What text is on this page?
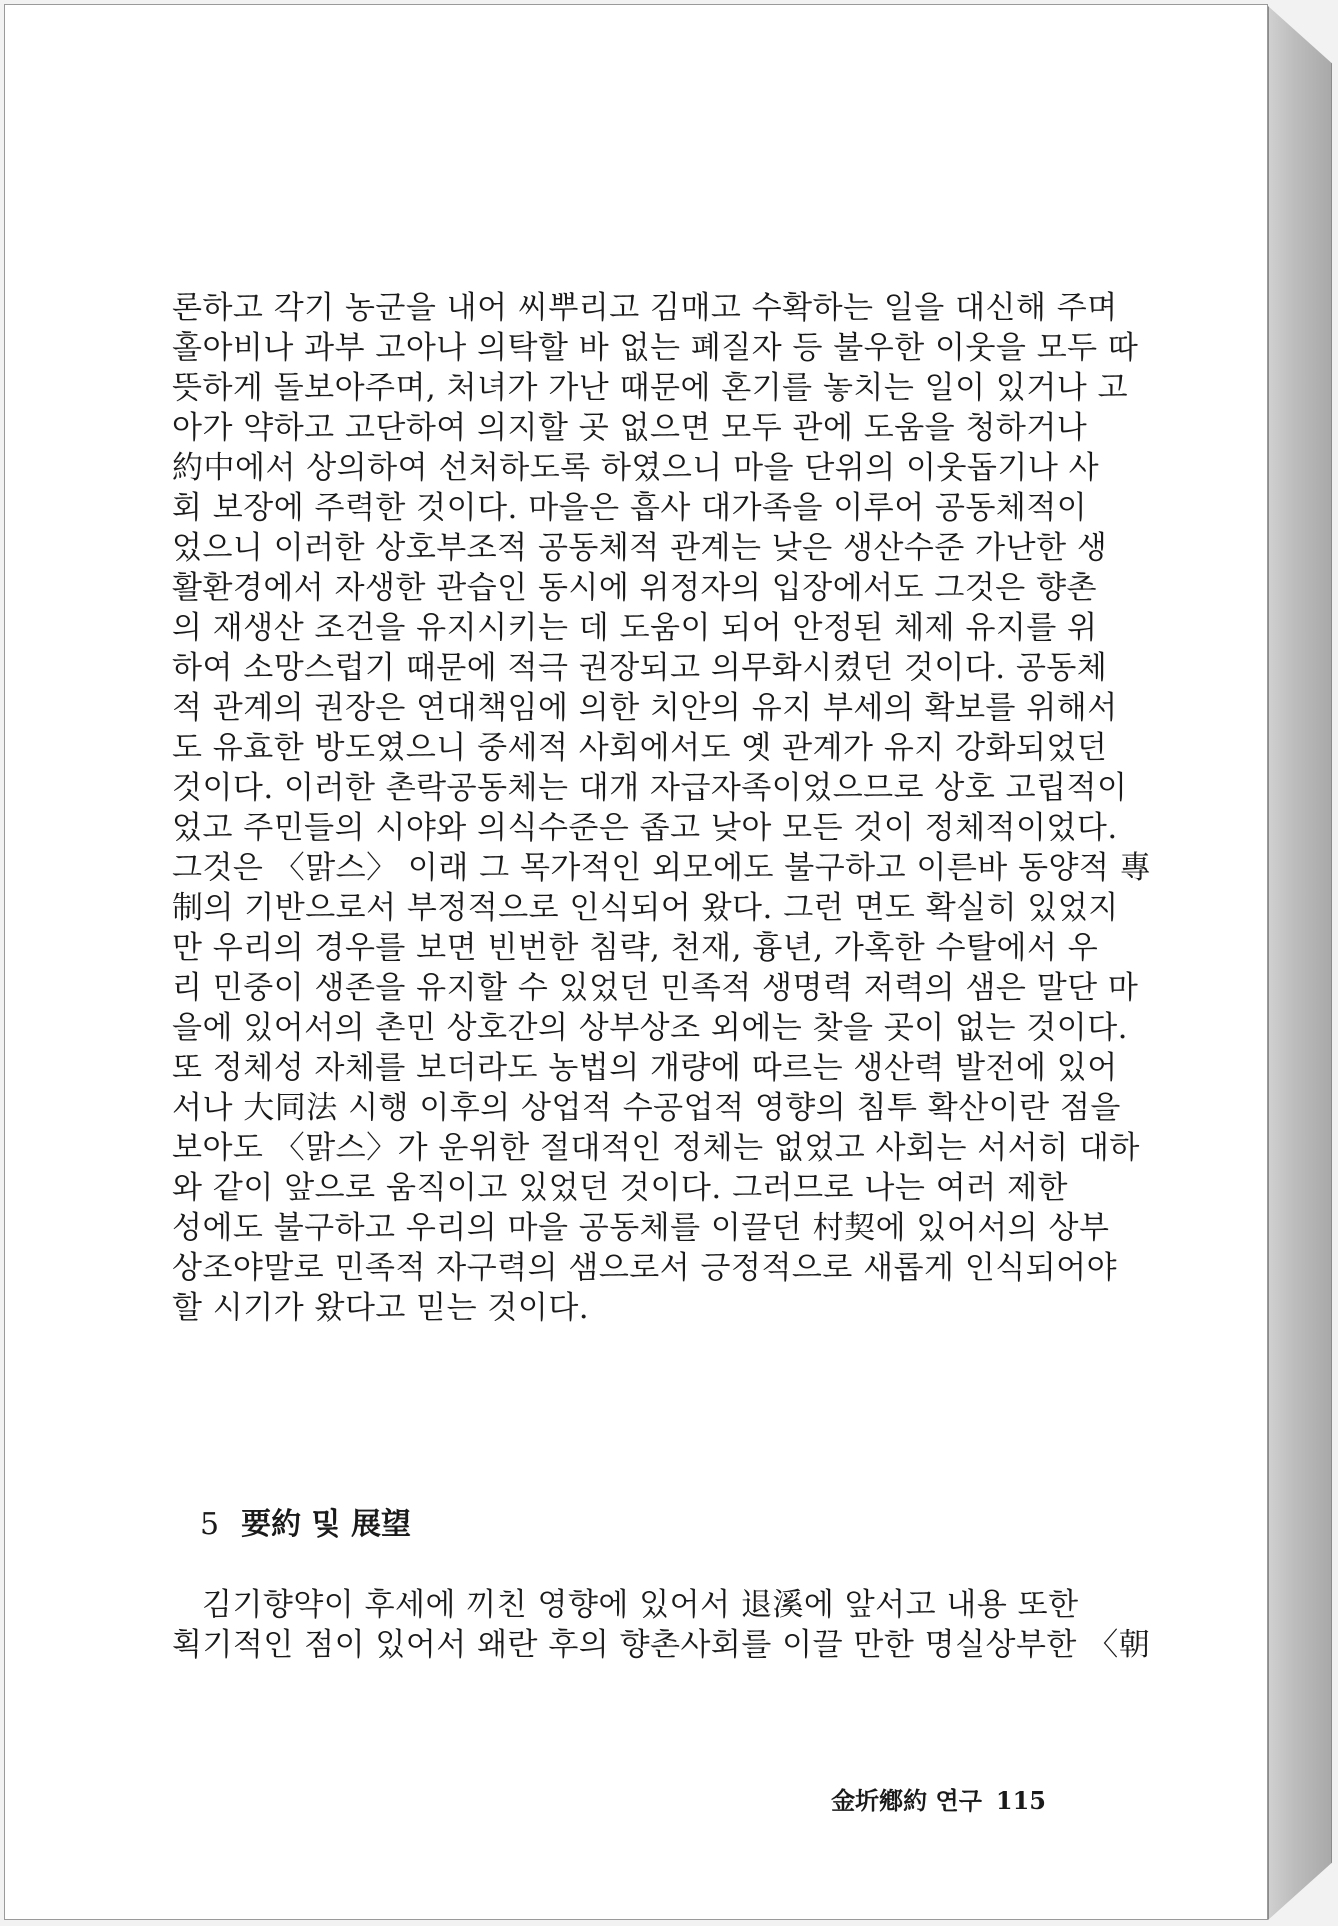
론하고 각기 농군을 내어 씨뿌리고 김매고 수확하는 일을 대신해 주며
홀아비나 과부 고아나 의탁할 바 없는 폐질자 등 불우한 이웃을 모두 따
뜻하게 돌보아주며, 처녀가 가난 때문에 혼기를 놓치는 일이 있거나 고
아가 약하고 고단하여 의지할 곳 없으면 모두 관에 도움을 청하거나
約中에서 상의하여 선처하도록 하였으니 마을 단위의 이웃돕기나 사
회 보장에 주력한 것이다. 마을은 흡사 대가족을 이루어 공동체적이
었으니 이러한 상호부조적 공동체적 관계는 낮은 생산수준 가난한 생
활환경에서 자생한 관습인 동시에 위정자의 입장에서도 그것은 향촌
의 재생산 조건을 유지시키는 데 도움이 되어 안정된 체제 유지를 위
하여 소망스럽기 때문에 적극 권장되고 의무화시켰던 것이다. 공동체
적 관계의 권장은 연대책임에 의한 치안의 유지 부세의 확보를 위해서
도 유효한 방도였으니 중세적 사회에서도 옛 관계가 유지 강화되었던
것이다. 이러한 촌락공동체는 대개 자급자족이었으므로 상호 고립적이
었고 주민들의 시야와 의식수준은 좁고 낮아 모든 것이 정체적이었다.
그것은 〈맑스〉 이래 그 목가적인 외모에도 불구하고 이른바 동양적 專
制의 기반으로서 부정적으로 인식되어 왔다. 그런 면도 확실히 있었지
만 우리의 경우를 보면 빈번한 침략, 천재, 흉년, 가혹한 수탈에서 우
리 민중이 생존을 유지할 수 있었던 민족적 생명력 저력의 샘은 말단 마
을에 있어서의 촌민 상호간의 상부상조 외에는 찾을 곳이 없는 것이다.
또 정체성 자체를 보더라도 농법의 개량에 따르는 생산력 발전에 있어
서나 大同法 시행 이후의 상업적 수공업적 영향의 침투 확산이란 점을
보아도 〈맑스〉가 운위한 절대적인 정체는 없었고 사회는 서서히 대하
와 같이 앞으로 움직이고 있었던 것이다. 그러므로 나는 여러 제한
성에도 불구하고 우리의 마을 공동체를 이끌던 村契에 있어서의 상부
상조야말로 민족적 자구력의 샘으로서 긍정적으로 새롭게 인식되어야
할 시기가 왔다고 믿는 것이다.
5 要約 및 展望
김기향약이 후세에 끼친 영향에 있어서 退溪에 앞서고 내용 또한
획기적인 점이 있어서 왜란 후의 향촌사회를 이끌 만한 명실상부한 〈朝
金圻鄕約 연구 115
